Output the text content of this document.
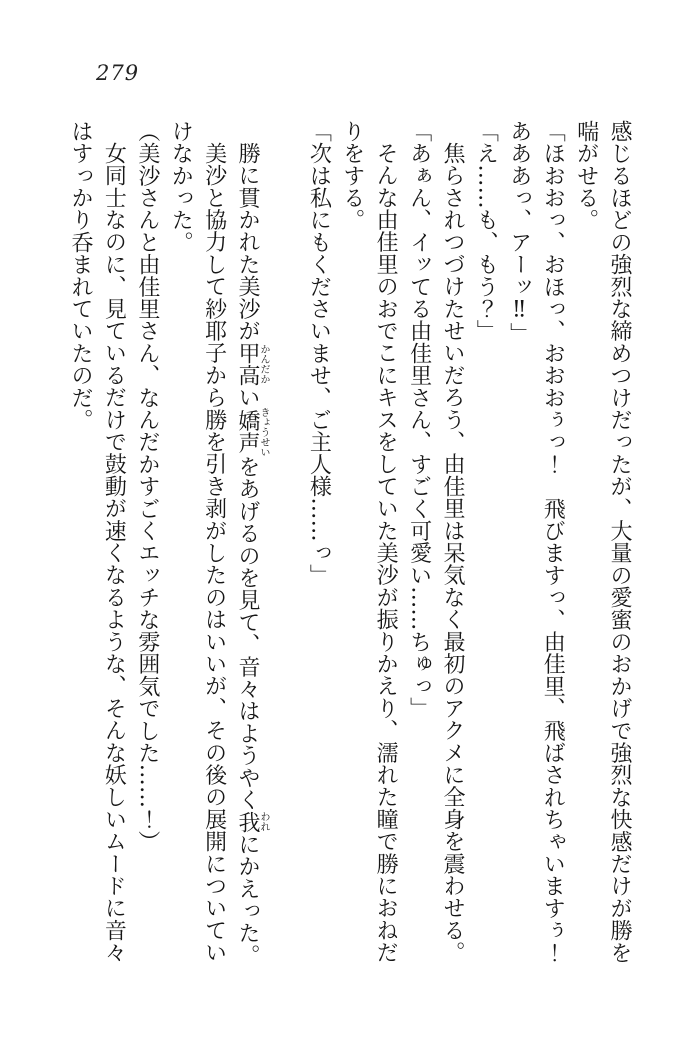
279
感じるほどの強烈な締めつけだったが、大量の愛蜜のおかげで強烈な快感だけが勝を
喘がせる。
「ほおおっ、おほっ、おおおぅっ！　飛びますっ、由佳里、飛ばされちゃいますぅ！
あああっ、アーッ‼」
「え……も、もう？」
焦らされつづけたせいだろう、由佳里は呆気なく最初のアクメに全身を震わせる。
「あぁん、イッてる由佳里さん、すごく可愛い……ちゅっ」
そんな由佳里のおでこにキスをしていた美沙が振りかえり、濡れた瞳で勝におねだ
りをする。
「次は私にもくださいませ、ご主人様……っ」
勝に貫かれた美沙が甲高かんだかい嬌声きょうせいをあげるのを見て、音々はようやく我われにかえった。
美沙と協力して紗耶子から勝を引き剥がしたのはいいが、その後の展開についてい
けなかった。
（美沙さんと由佳里さん、なんだかすごくエッチな雰囲気でした……！）
女同士なのに、見ているだけで鼓動が速くなるような、そんな妖しいムードに音々
はすっかり呑まれていたのだ。
